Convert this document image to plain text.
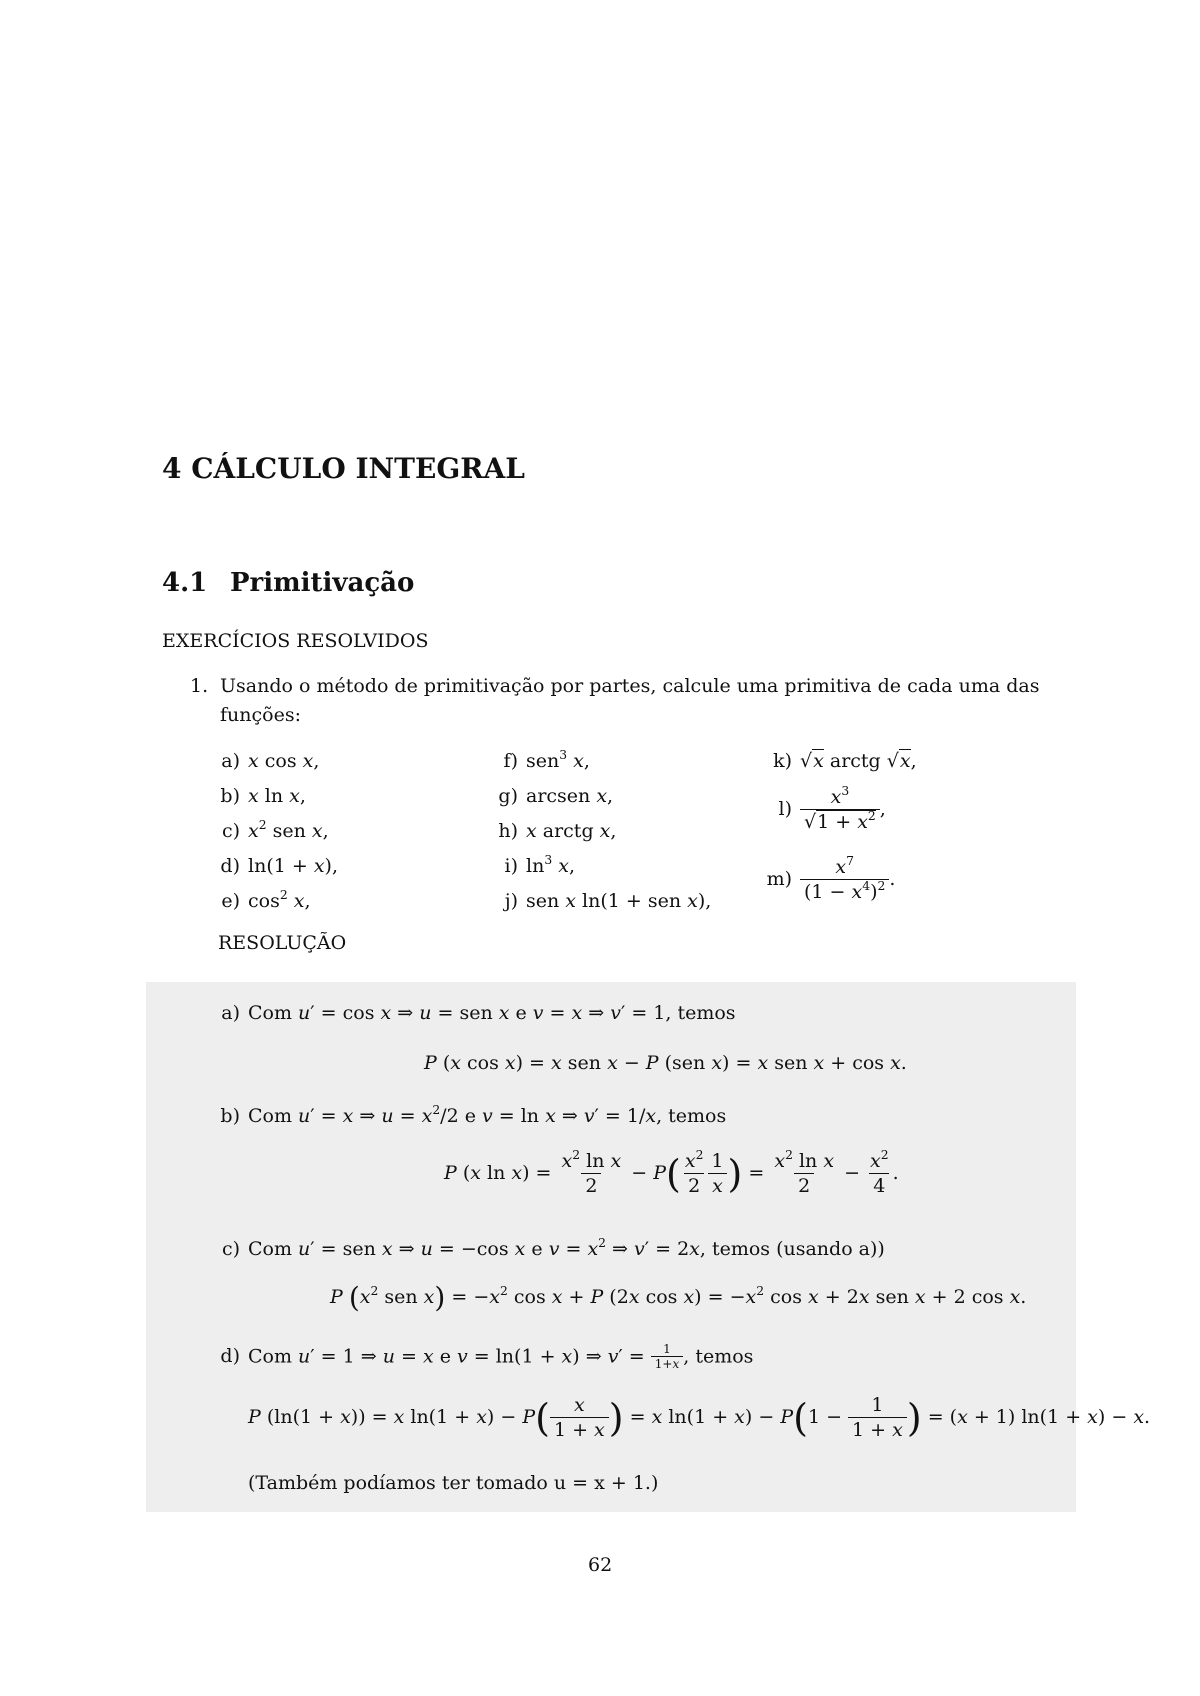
4 CÁLCULO INTEGRAL
4.1 Primitivação
EXERCÍCIOS RESOLVIDOS
1. Usando o método de primitivação por partes, calcule uma primitiva de cada uma das funções:
a) x cos x,
b) x ln x,
c) $x^2$ sen x,
d) ln(1 + x),
e) $\cos^2 x$,
f) sen$^3$ x,
g) arcsen x,
h) x arctg x,
i) $\ln^3 x$,
j) sen x ln(1 + sen x),
k) √x arctg √x,
$l) \frac{x^3}{√1 + x^2}$ ,
$m) \frac{x^7}{(1 - x^4)^2}$ .
RESOLUÇÃO
a) Com u′ = cos x ⇒ u = sen x e v = x ⇒ v′ = 1, temos
P (x cos x) = x sen x − P (sen x) = x sen x + cos x.
b) Com u′ = x ⇒ $u = x^2/2$ e v = ln x ⇒ v′ = 1/x, temos
P (x $\ln x) = \frac{x^2 \ln x}{2} - P( \frac{x^2}{2} \frac{1}{x}$ ) = $\frac{x^2 \ln x}{2} - \frac{x^2}{4}$ .
c) Com u′ = sen x ⇒ u = −cos x e $v = x^2$ ⇒ v′ = 2x, temos (usando a))
P ($x^2$ sen $x) = -x^2$ cos x + P (2x $\cos x) = -x^2$ cos x + 2x sen x + 2 cos x.
d) Com u′ = 1 ⇒ u = x e v = ln(1 + x) ⇒ $v' = \frac{1}{1+x}$ , temos
P (ln(1 + x)) = x $\ln(1 + x) - P( \frac{x}{1 + x}$ ) = x $\ln(1 + x) - P(1 - \frac{1}{1 + x}$ ) = (x + 1) ln(1 + x) − x.
(Também podíamos ter tomado u = x + 1.)
62
